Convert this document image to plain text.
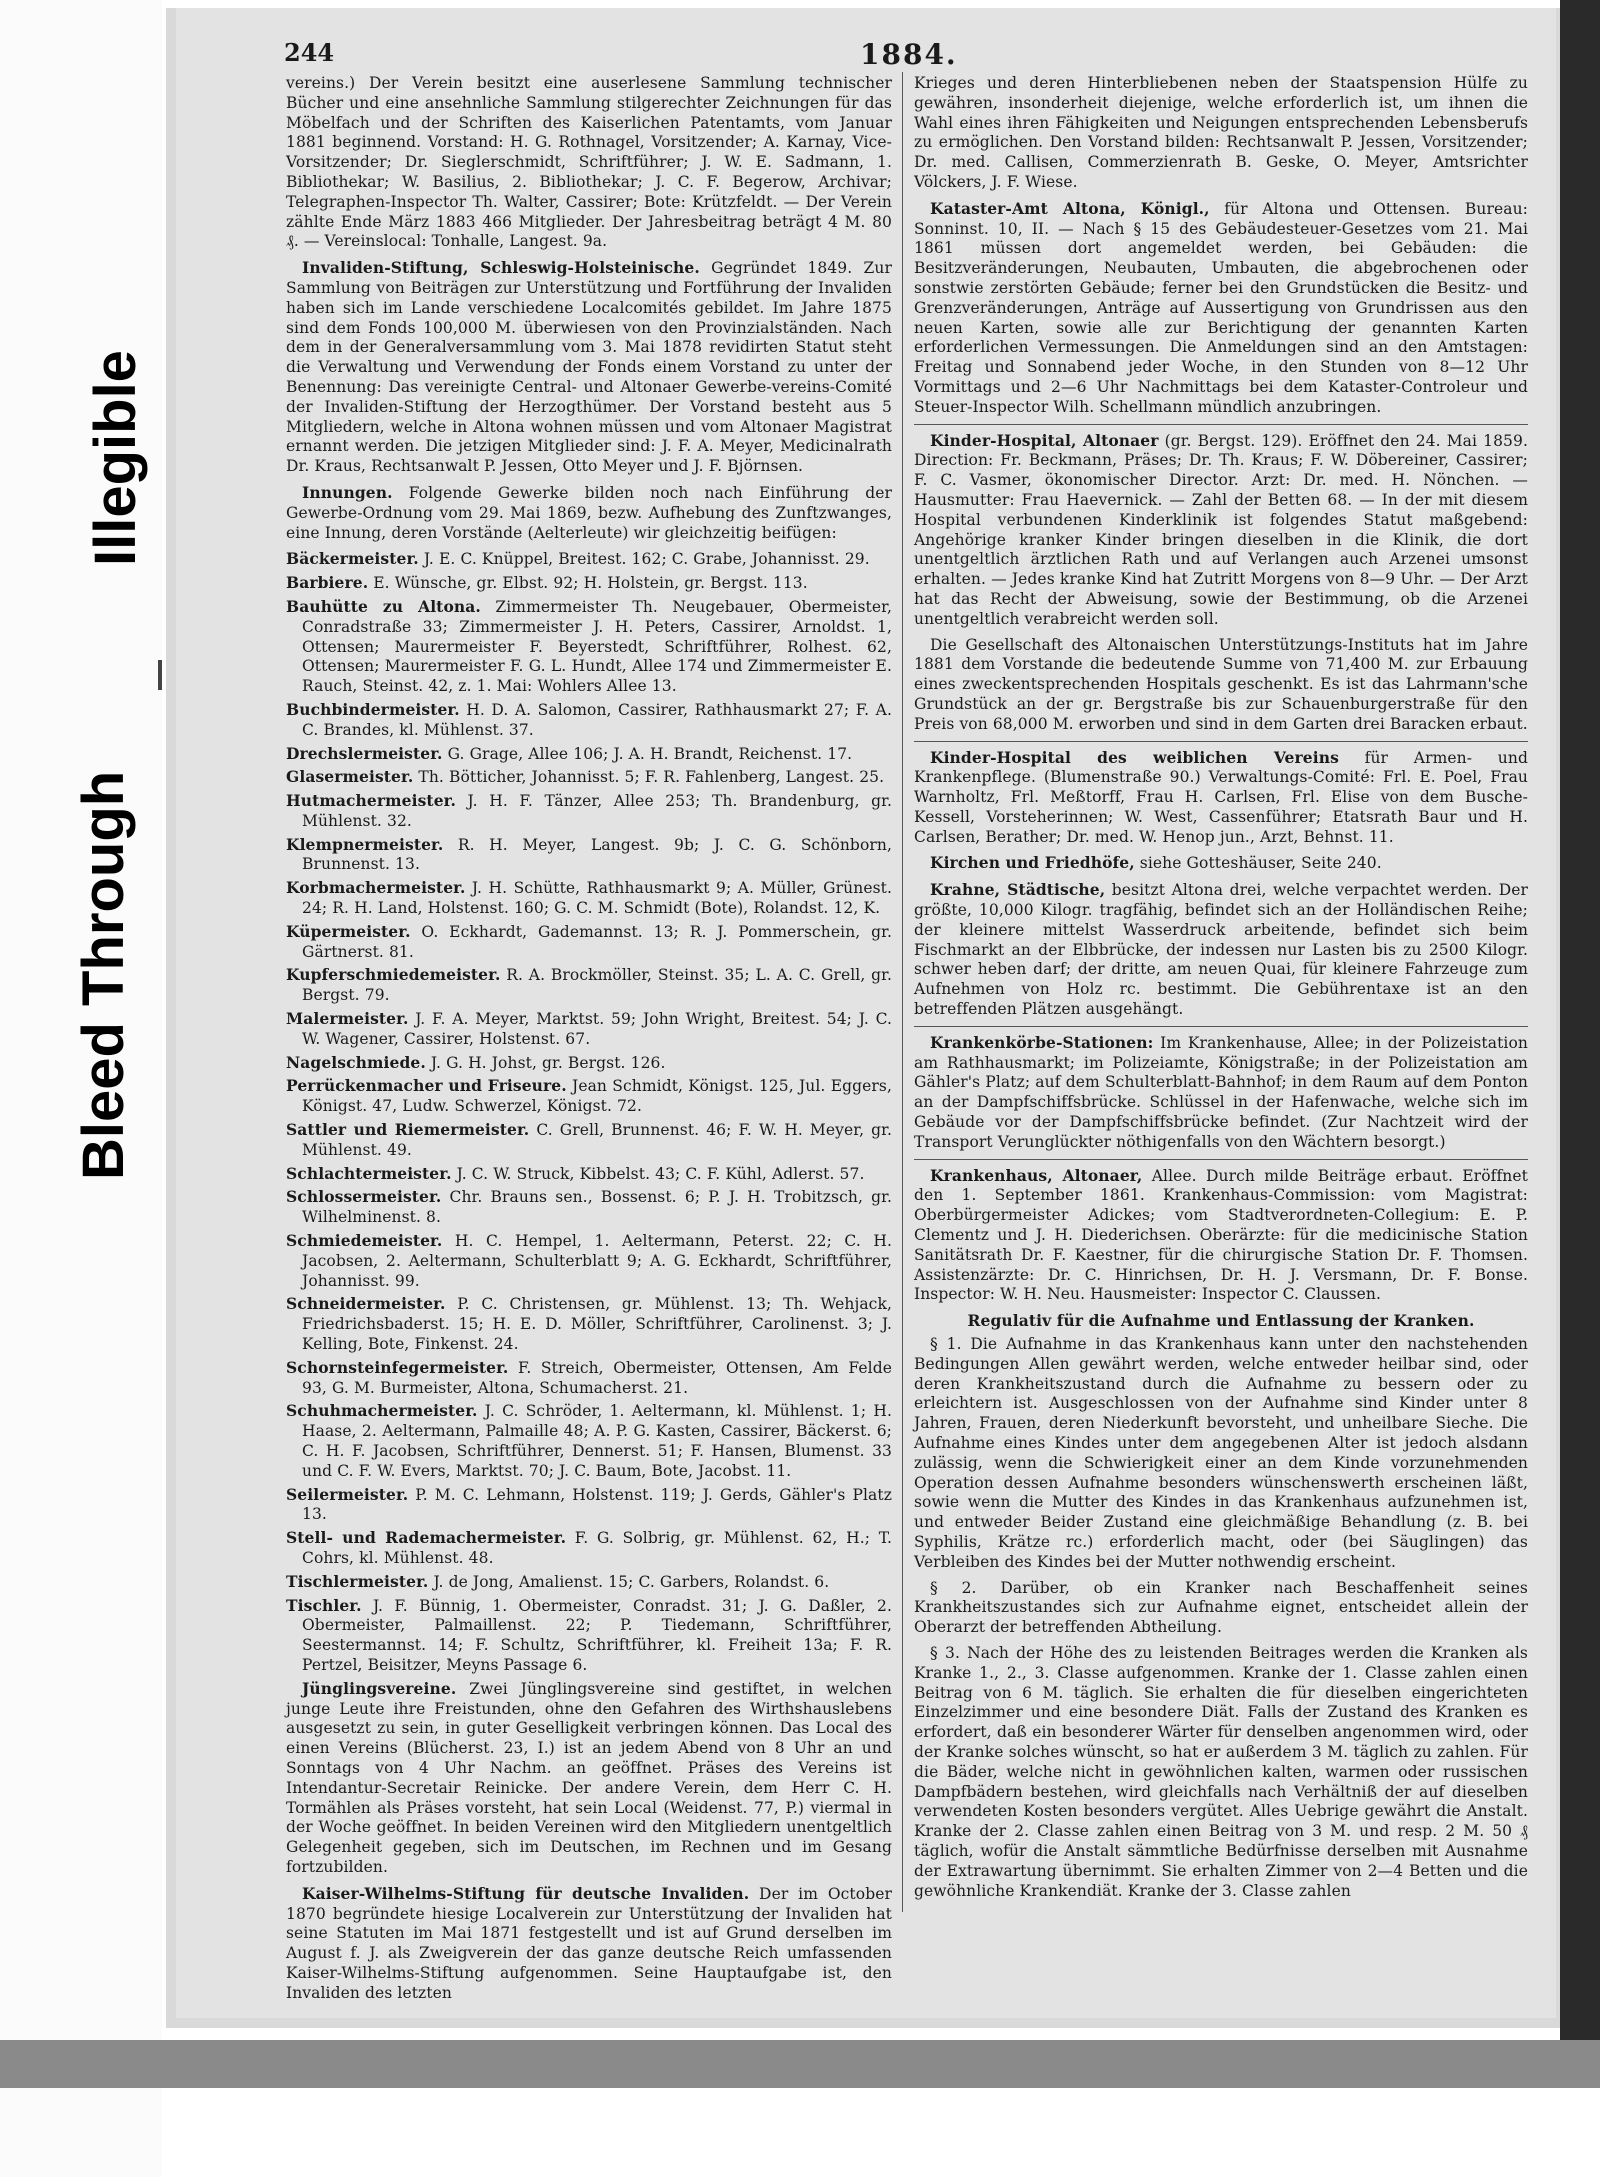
Illegible
Bleed Through
244	1884.
vereins.) Der Verein besitzt eine auserlesene Sammlung technischer Bücher und eine ansehnliche Sammlung stilgerechter Zeichnungen für das Möbelfach und der Schriften des Kaiserlichen Patentamts, vom Januar 1881 beginnend. Vorstand: H. G. Rothnagel, Vorsitzender; A. Karnay, Vice-Vorsitzender; Dr. Sieglerschmidt, Schriftführer; J. W. E. Sadmann, 1. Bibliothekar; W. Basilius, 2. Bibliothekar; J. C. F. Begerow, Archivar; Telegraphen-Inspector Th. Walter, Cassirer; Bote: Krützfeldt. — Der Verein zählte Ende März 1883 466 Mitglieder. Der Jahresbeitrag beträgt 4 M. 80 ₰. — Vereinslocal: Tonhalle, Langest. 9a.
Invaliden-Stiftung, Schleswig-Holsteinische. Gegründet 1849. Zur Sammlung von Beiträgen zur Unterstützung und Fortführung der Invaliden haben sich im Lande verschiedene Localcomités gebildet. Im Jahre 1875 sind dem Fonds 100,000 M. überwiesen von den Provinzialständen. Nach dem in der Generalversammlung vom 3. Mai 1878 revidirten Statut steht die Verwaltung und Verwendung der Fonds einem Vorstand zu unter der Benennung: Das vereinigte Central- und Altonaer Gewerbe-vereins-Comité der Invaliden-Stiftung der Herzogthümer. Der Vorstand besteht aus 5 Mitgliedern, welche in Altona wohnen müssen und vom Altonaer Magistrat ernannt werden. Die jetzigen Mitglieder sind: J. F. A. Meyer, Medicinalrath Dr. Kraus, Rechtsanwalt P. Jessen, Otto Meyer und J. F. Björnsen.
Innungen. Folgende Gewerke bilden noch nach Einführung der Gewerbe-Ordnung vom 29. Mai 1869, bezw. Aufhebung des Zunftzwanges, eine Innung, deren Vorstände (Aelterleute) wir gleichzeitig beifügen:
Bäckermeister. J. E. C. Knüppel, Breitest. 162; C. Grabe, Johannisst. 29.
Barbiere. E. Wünsche, gr. Elbst. 92; H. Holstein, gr. Bergst. 113.
Bauhütte zu Altona. Zimmermeister Th. Neugebauer, Obermeister, Conradstraße 33; Zimmermeister J. H. Peters, Cassirer, Arnoldst. 1, Ottensen; Maurermeister F. Beyerstedt, Schriftführer, Rolhest. 62, Ottensen; Maurermeister F. G. L. Hundt, Allee 174 und Zimmermeister E. Rauch, Steinst. 42, z. 1. Mai: Wohlers Allee 13.
Buchbindermeister. H. D. A. Salomon, Cassirer, Rathhausmarkt 27; F. A. C. Brandes, kl. Mühlenst. 37.
Drechslermeister. G. Grage, Allee 106; J. A. H. Brandt, Reichenst. 17.
Glasermeister. Th. Bötticher, Johannisst. 5; F. R. Fahlenberg, Langest. 25.
Hutmachermeister. J. H. F. Tänzer, Allee 253; Th. Brandenburg, gr. Mühlenst. 32.
Klempnermeister. R. H. Meyer, Langest. 9b; J. C. G. Schönborn, Brunnenst. 13.
Korbmachermeister. J. H. Schütte, Rathhausmarkt 9; A. Müller, Grünest. 24; R. H. Land, Holstenst. 160; G. C. M. Schmidt (Bote), Rolandst. 12, K.
Küpermeister. O. Eckhardt, Gademannst. 13; R. J. Pommerschein, gr. Gärtnerst. 81.
Kupferschmiedemeister. R. A. Brockmöller, Steinst. 35; L. A. C. Grell, gr. Bergst. 79.
Malermeister. J. F. A. Meyer, Marktst. 59; John Wright, Breitest. 54; J. C. W. Wagener, Cassirer, Holstenst. 67.
Nagelschmiede. J. G. H. Johst, gr. Bergst. 126.
Perrückenmacher und Friseure. Jean Schmidt, Königst. 125, Jul. Eggers, Königst. 47, Ludw. Schwerzel, Königst. 72.
Sattler und Riemermeister. C. Grell, Brunnenst. 46; F. W. H. Meyer, gr. Mühlenst. 49.
Schlachtermeister. J. C. W. Struck, Kibbelst. 43; C. F. Kühl, Adlerst. 57.
Schlossermeister. Chr. Brauns sen., Bossenst. 6; P. J. H. Trobitzsch, gr. Wilhelminenst. 8.
Schmiedemeister. H. C. Hempel, 1. Aeltermann, Peterst. 22; C. H. Jacobsen, 2. Aeltermann, Schulterblatt 9; A. G. Eckhardt, Schriftführer, Johannisst. 99.
Schneidermeister. P. C. Christensen, gr. Mühlenst. 13; Th. Wehjack, Friedrichsbaderst. 15; H. E. D. Möller, Schriftführer, Carolinenst. 3; J. Kelling, Bote, Finkenst. 24.
Schornsteinfegermeister. F. Streich, Obermeister, Ottensen, Am Felde 93, G. M. Burmeister, Altona, Schumacherst. 21.
Schuhmachermeister. J. C. Schröder, 1. Aeltermann, kl. Mühlenst. 1; H. Haase, 2. Aeltermann, Palmaille 48; A. P. G. Kasten, Cassirer, Bäckerst. 6; C. H. F. Jacobsen, Schriftführer, Dennerst. 51; F. Hansen, Blumenst. 33 und C. F. W. Evers, Marktst. 70; J. C. Baum, Bote, Jacobst. 11.
Seilermeister. P. M. C. Lehmann, Holstenst. 119; J. Gerds, Gähler's Platz 13.
Stell- und Rademachermeister. F. G. Solbrig, gr. Mühlenst. 62, H.; T. Cohrs, kl. Mühlenst. 48.
Tischlermeister. J. de Jong, Amalienst. 15; C. Garbers, Rolandst. 6.
Tischler. J. F. Bünnig, 1. Obermeister, Conradst. 31; J. G. Daßler, 2. Obermeister, Palmaillenst. 22; P. Tiedemann, Schriftführer, Seestermannst. 14; F. Schultz, Schriftführer, kl. Freiheit 13a; F. R. Pertzel, Beisitzer, Meyns Passage 6.
Jünglingsvereine. Zwei Jünglingsvereine sind gestiftet, in welchen junge Leute ihre Freistunden, ohne den Gefahren des Wirthshauslebens ausgesetzt zu sein, in guter Geselligkeit verbringen können. Das Local des einen Vereins (Blücherst. 23, I.) ist an jedem Abend von 8 Uhr an und Sonntags von 4 Uhr Nachm. an geöffnet. Präses des Vereins ist Intendantur-Secretair Reinicke. Der andere Verein, dem Herr C. H. Tormählen als Präses vorsteht, hat sein Local (Weidenst. 77, P.) viermal in der Woche geöffnet. In beiden Vereinen wird den Mitgliedern unentgeltlich Gelegenheit gegeben, sich im Deutschen, im Rechnen und im Gesang fortzubilden.
Kaiser-Wilhelms-Stiftung für deutsche Invaliden. Der im October 1870 begründete hiesige Localverein zur Unterstützung der Invaliden hat seine Statuten im Mai 1871 festgestellt und ist auf Grund derselben im August f. J. als Zweigverein der das ganze deutsche Reich umfassenden Kaiser-Wilhelms-Stiftung aufgenommen. Seine Hauptaufgabe ist, den Invaliden des letzten
Krieges und deren Hinterbliebenen neben der Staatspension Hülfe zu gewähren, insonderheit diejenige, welche erforderlich ist, um ihnen die Wahl eines ihren Fähigkeiten und Neigungen entsprechenden Lebensberufs zu ermöglichen. Den Vorstand bilden: Rechtsanwalt P. Jessen, Vorsitzender; Dr. med. Callisen, Commerzienrath B. Geske, O. Meyer, Amtsrichter Völckers, J. F. Wiese.
Kataster-Amt Altona, Königl., für Altona und Ottensen. Bureau: Sonninst. 10, II. — Nach § 15 des Gebäudesteuer-Gesetzes vom 21. Mai 1861 müssen dort angemeldet werden, bei Gebäuden: die Besitzveränderungen, Neubauten, Umbauten, die abgebrochenen oder sonstwie zerstörten Gebäude; ferner bei den Grundstücken die Besitz- und Grenzveränderungen, Anträge auf Aussertigung von Grundrissen aus den neuen Karten, sowie alle zur Berichtigung der genannten Karten erforderlichen Vermessungen. Die Anmeldungen sind an den Amtstagen: Freitag und Sonnabend jeder Woche, in den Stunden von 8—12 Uhr Vormittags und 2—6 Uhr Nachmittags bei dem Kataster-Controleur und Steuer-Inspector Wilh. Schellmann mündlich anzubringen.
Kinder-Hospital, Altonaer (gr. Bergst. 129). Eröffnet den 24. Mai 1859. Direction: Fr. Beckmann, Präses; Dr. Th. Kraus; F. W. Döbereiner, Cassirer; F. C. Vasmer, ökonomischer Director. Arzt: Dr. med. H. Nönchen. — Hausmutter: Frau Haevernick. — Zahl der Betten 68. — In der mit diesem Hospital verbundenen Kinderklinik ist folgendes Statut maßgebend: Angehörige kranker Kinder bringen dieselben in die Klinik, die dort unentgeltlich ärztlichen Rath und auf Verlangen auch Arzenei umsonst erhalten. — Jedes kranke Kind hat Zutritt Morgens von 8—9 Uhr. — Der Arzt hat das Recht der Abweisung, sowie der Bestimmung, ob die Arzenei unentgeltlich verabreicht werden soll.
Die Gesellschaft des Altonaischen Unterstützungs-Instituts hat im Jahre 1881 dem Vorstande die bedeutende Summe von 71,400 M. zur Erbauung eines zweckentsprechenden Hospitals geschenkt. Es ist das Lahrmann'sche Grundstück an der gr. Bergstraße bis zur Schauenburgerstraße für den Preis von 68,000 M. erworben und sind in dem Garten drei Baracken erbaut.
Kinder-Hospital des weiblichen Vereins für Armen- und Krankenpflege. (Blumenstraße 90.) Verwaltungs-Comité: Frl. E. Poel, Frau Warnholtz, Frl. Meßtorff, Frau H. Carlsen, Frl. Elise von dem Busche-Kessell, Vorsteherinnen; W. West, Cassenführer; Etatsrath Baur und H. Carlsen, Berather; Dr. med. W. Henop jun., Arzt, Behnst. 11.
Kirchen und Friedhöfe, siehe Gotteshäuser, Seite 240.
Krahne, Städtische, besitzt Altona drei, welche verpachtet werden. Der größte, 10,000 Kilogr. tragfähig, befindet sich an der Holländischen Reihe; der kleinere mittelst Wasserdruck arbeitende, befindet sich beim Fischmarkt an der Elbbrücke, der indessen nur Lasten bis zu 2500 Kilogr. schwer heben darf; der dritte, am neuen Quai, für kleinere Fahrzeuge zum Aufnehmen von Holz rc. bestimmt. Die Gebührentaxe ist an den betreffenden Plätzen ausgehängt.
Krankenkörbe-Stationen: Im Krankenhause, Allee; in der Polizeistation am Rathhausmarkt; im Polizeiamte, Königstraße; in der Polizeistation am Gähler's Platz; auf dem Schulterblatt-Bahnhof; in dem Raum auf dem Ponton an der Dampfschiffsbrücke. Schlüssel in der Hafenwache, welche sich im Gebäude vor der Dampfschiffsbrücke befindet. (Zur Nachtzeit wird der Transport Verunglückter nöthigenfalls von den Wächtern besorgt.)
Krankenhaus, Altonaer, Allee. Durch milde Beiträge erbaut. Eröffnet den 1. September 1861. Krankenhaus-Commission: vom Magistrat: Oberbürgermeister Adickes; vom Stadtverordneten-Collegium: E. P. Clementz und J. H. Diederichsen. Oberärzte: für die medicinische Station Sanitätsrath Dr. F. Kaestner, für die chirurgische Station Dr. F. Thomsen. Assistenzärzte: Dr. C. Hinrichsen, Dr. H. J. Versmann, Dr. F. Bonse. Inspector: W. H. Neu. Hausmeister: Inspector C. Claussen.
Regulativ für die Aufnahme und Entlassung der Kranken.
§ 1. Die Aufnahme in das Krankenhaus kann unter den nachstehenden Bedingungen Allen gewährt werden, welche entweder heilbar sind, oder deren Krankheitszustand durch die Aufnahme zu bessern oder zu erleichtern ist. Ausgeschlossen von der Aufnahme sind Kinder unter 8 Jahren, Frauen, deren Niederkunft bevorsteht, und unheilbare Sieche. Die Aufnahme eines Kindes unter dem angegebenen Alter ist jedoch alsdann zulässig, wenn die Schwierigkeit einer an dem Kinde vorzunehmenden Operation dessen Aufnahme besonders wünschenswerth erscheinen läßt, sowie wenn die Mutter des Kindes in das Krankenhaus aufzunehmen ist, und entweder Beider Zustand eine gleichmäßige Behandlung (z. B. bei Syphilis, Krätze rc.) erforderlich macht, oder (bei Säuglingen) das Verbleiben des Kindes bei der Mutter nothwendig erscheint.
§ 2. Darüber, ob ein Kranker nach Beschaffenheit seines Krankheitszustandes sich zur Aufnahme eignet, entscheidet allein der Oberarzt der betreffenden Abtheilung.
§ 3. Nach der Höhe des zu leistenden Beitrages werden die Kranken als Kranke 1., 2., 3. Classe aufgenommen. Kranke der 1. Classe zahlen einen Beitrag von 6 M. täglich. Sie erhalten die für dieselben eingerichteten Einzelzimmer und eine besondere Diät. Falls der Zustand des Kranken es erfordert, daß ein besonderer Wärter für denselben angenommen wird, oder der Kranke solches wünscht, so hat er außerdem 3 M. täglich zu zahlen. Für die Bäder, welche nicht in gewöhnlichen kalten, warmen oder russischen Dampfbädern bestehen, wird gleichfalls nach Verhältniß der auf dieselben verwendeten Kosten besonders vergütet. Alles Uebrige gewährt die Anstalt. Kranke der 2. Classe zahlen einen Beitrag von 3 M. und resp. 2 M. 50 ₰ täglich, wofür die Anstalt sämmtliche Bedürfnisse derselben mit Ausnahme der Extrawartung übernimmt. Sie erhalten Zimmer von 2—4 Betten und die gewöhnliche Krankendiät. Kranke der 3. Classe zahlen
